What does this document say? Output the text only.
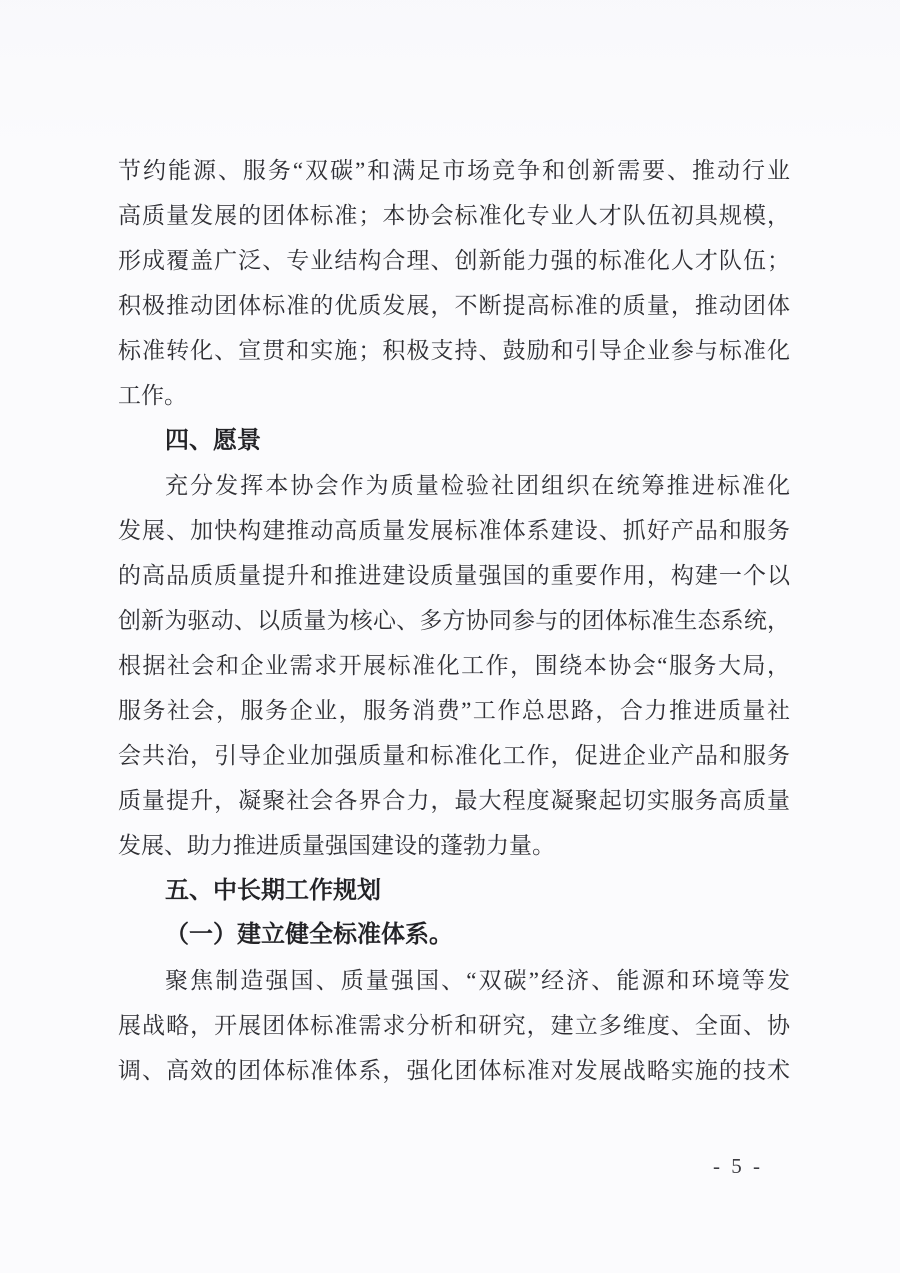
节约能源、服务“双碳”和满足市场竞争和创新需要、推动行业
高质量发展的团体标准；本协会标准化专业人才队伍初具规模，
形成覆盖广泛、专业结构合理、创新能力强的标准化人才队伍；
积极推动团体标准的优质发展，不断提高标准的质量，推动团体
标准转化、宣贯和实施；积极支持、鼓励和引导企业参与标准化
工作。
四、愿景
充分发挥本协会作为质量检验社团组织在统筹推进标准化
发展、加快构建推动高质量发展标准体系建设、抓好产品和服务
的高品质质量提升和推进建设质量强国的重要作用，构建一个以
创新为驱动、以质量为核心、多方协同参与的团体标准生态系统，
根据社会和企业需求开展标准化工作，围绕本协会“服务大局，
服务社会，服务企业，服务消费”工作总思路，合力推进质量社
会共治，引导企业加强质量和标准化工作，促进企业产品和服务
质量提升，凝聚社会各界合力，最大程度凝聚起切实服务高质量
发展、助力推进质量强国建设的蓬勃力量。
五、中长期工作规划
（一）建立健全标准体系。
聚焦制造强国、质量强国、“双碳”经济、能源和环境等发
展战略，开展团体标准需求分析和研究，建立多维度、全面、协
调、高效的团体标准体系，强化团体标准对发展战略实施的技术
- 5 -
